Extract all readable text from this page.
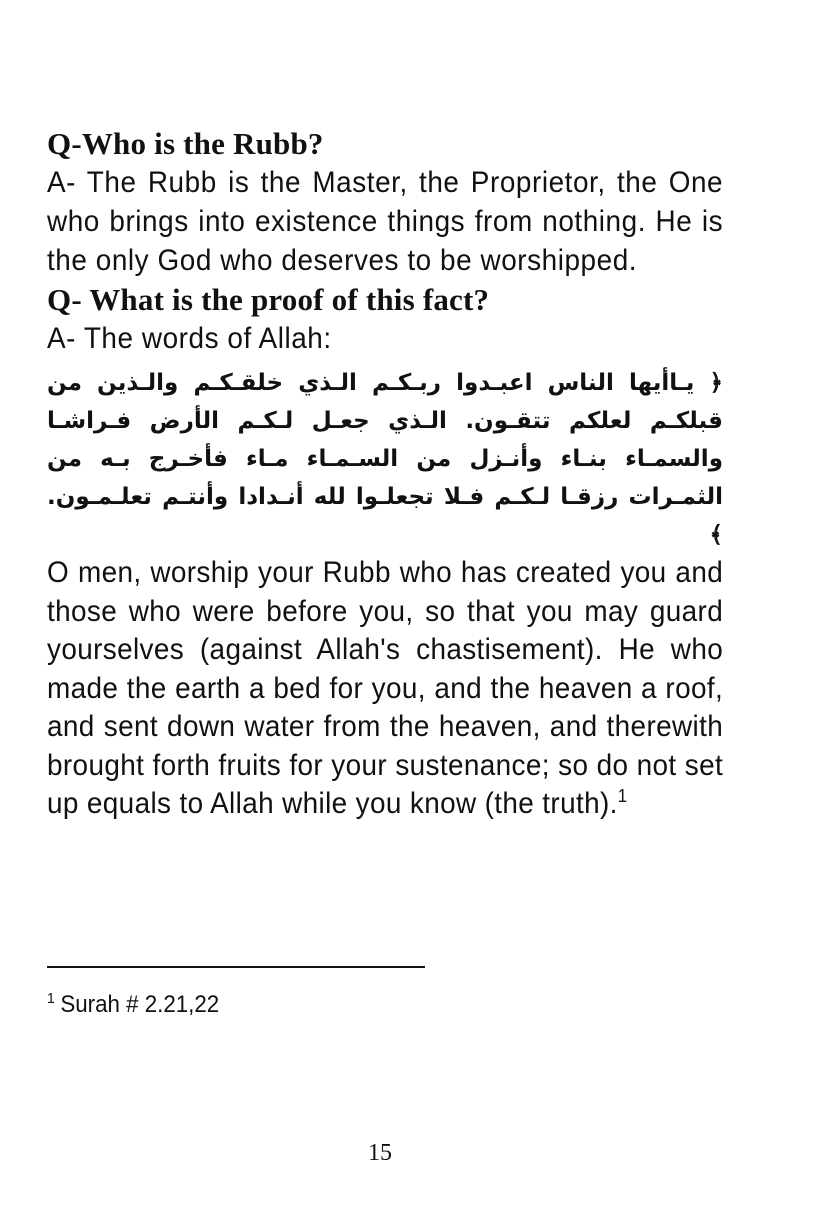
Q-Who is the Rubb?

A- The Rubb is the Master, the Proprietor, the One who brings into existence things from nothing. He is the only God who deserves to be worshipped.

Q- What is the proof of this fact?

A- The words of Allah:

﴿ يـاأيها الناس اعبـدوا ربـكـم الـذي خلقـكـم والـذين من قبلكـم لعلكم تتقـون. الـذي جعـل لـكـم الأرض فـراشـا والسمـاء بنـاء وأنـزل من السـمـاء مـاء فأخـرج بـه من الثمـرات رزقـا لـكـم فـلا تجعلـوا لله أنـدادا وأنتـم تعلـمـون. ﴾

O men, worship your Rubb who has created you and those who were before you, so that you may guard yourselves (against Allah's chastisement). He who made the earth a bed for you, and the heaven a roof, and sent down water from the heaven, and therewith brought forth fruits for your sustenance; so do not set up equals to Allah while you know (the truth).$^1$

$^1$ Surah # 2.21,22
15
